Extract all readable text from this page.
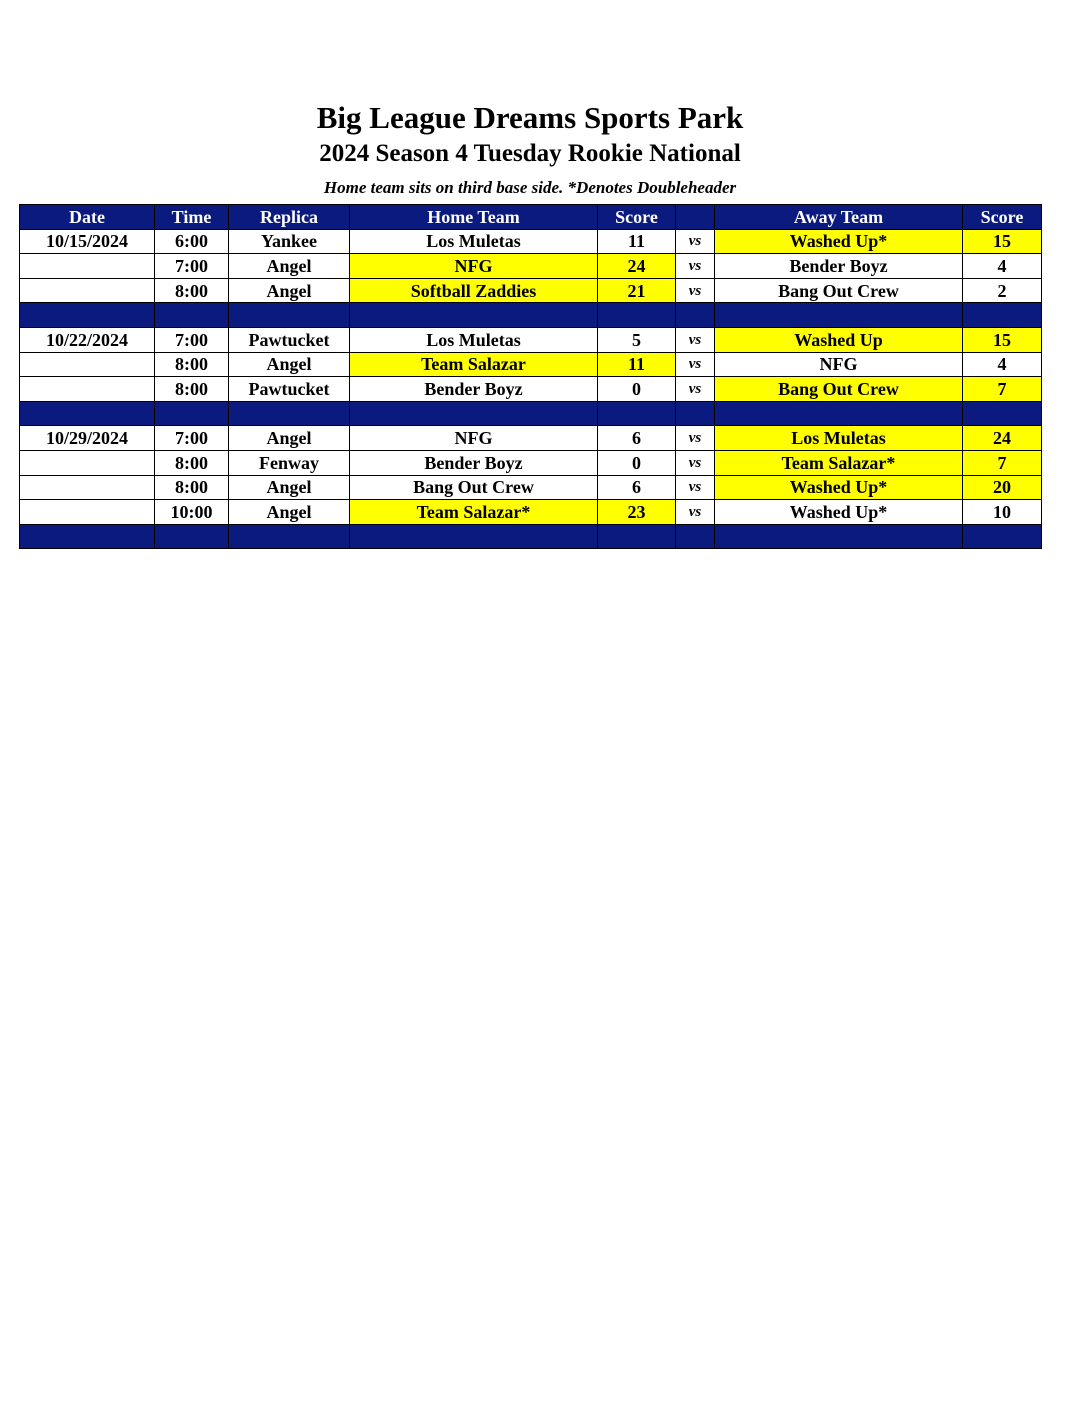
Big League Dreams Sports Park
2024 Season 4 Tuesday Rookie National
Home team sits on third base side. *Denotes Doubleheader
Date	Time	Replica	Home Team	Score		Away Team	Score
10/15/2024	6:00	Yankee	Los Muletas	11	vs	Washed Up*	15
	7:00	Angel	NFG	24	vs	Bender Boyz	4
	8:00	Angel	Softball Zaddies	21	vs	Bang Out Crew	2

10/22/2024	7:00	Pawtucket	Los Muletas	5	vs	Washed Up	15
	8:00	Angel	Team Salazar	11	vs	NFG	4
	8:00	Pawtucket	Bender Boyz	0	vs	Bang Out Crew	7

10/29/2024	7:00	Angel	NFG	6	vs	Los Muletas	24
	8:00	Fenway	Bender Boyz	0	vs	Team Salazar*	7
	8:00	Angel	Bang Out Crew	6	vs	Washed Up*	20
	10:00	Angel	Team Salazar*	23	vs	Washed Up*	10
